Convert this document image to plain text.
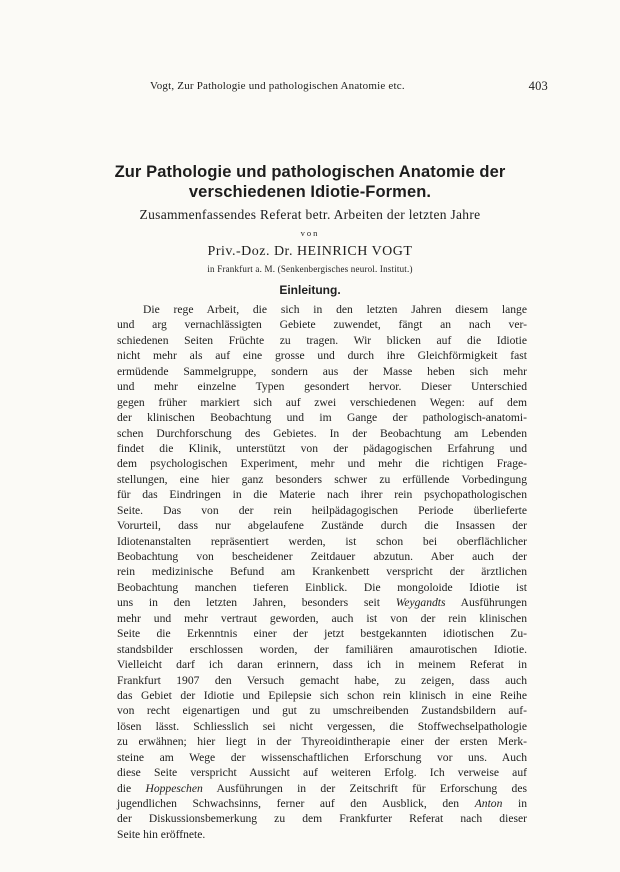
Vogt, Zur Pathologie und pathologischen Anatomie etc.	403
Zur Pathologie und pathologischen Anatomie der
verschiedenen Idiotie-Formen.
Zusammenfassendes Referat betr. Arbeiten der letzten Jahre
von
Priv.-Doz. Dr. HEINRICH VOGT
in Frankfurt a. M. (Senkenbergisches neurol. Institut.)
Einleitung.
Die rege Arbeit, die sich in den letzten Jahren diesem lange
und arg vernachlässigten Gebiete zuwendet, fängt an nach ver-
schiedenen Seiten Früchte zu tragen. Wir blicken auf die Idiotie
nicht mehr als auf eine grosse und durch ihre Gleichförmigkeit fast
ermüdende Sammelgruppe, sondern aus der Masse heben sich mehr
und mehr einzelne Typen gesondert hervor. Dieser Unterschied
gegen früher markiert sich auf zwei verschiedenen Wegen: auf dem
der klinischen Beobachtung und im Gange der pathologisch-anatomi-
schen Durchforschung des Gebietes. In der Beobachtung am Lebenden
findet die Klinik, unterstützt von der pädagogischen Erfahrung und
dem psychologischen Experiment, mehr und mehr die richtigen Frage-
stellungen, eine hier ganz besonders schwer zu erfüllende Vorbedingung
für das Eindringen in die Materie nach ihrer rein psychopathologischen
Seite. Das von der rein heilpädagogischen Periode überlieferte
Vorurteil, dass nur abgelaufene Zustände durch die Insassen der
Idiotenanstalten repräsentiert werden, ist schon bei oberflächlicher
Beobachtung von bescheidener Zeitdauer abzutun. Aber auch der
rein medizinische Befund am Krankenbett verspricht der ärztlichen
Beobachtung manchen tieferen Einblick. Die mongoloide Idiotie ist
uns in den letzten Jahren, besonders seit Weygandts Ausführungen
mehr und mehr vertraut geworden, auch ist von der rein klinischen
Seite die Erkenntnis einer der jetzt bestgekannten idiotischen Zu-
standsbilder erschlossen worden, der familiären amaurotischen Idiotie.
Vielleicht darf ich daran erinnern, dass ich in meinem Referat in
Frankfurt 1907 den Versuch gemacht habe, zu zeigen, dass auch
das Gebiet der Idiotie und Epilepsie sich schon rein klinisch in eine Reihe
von recht eigenartigen und gut zu umschreibenden Zustandsbildern auf-
lösen lässt. Schliesslich sei nicht vergessen, die Stoffwechselpathologie
zu erwähnen; hier liegt in der Thyreoidintherapie einer der ersten Merk-
steine am Wege der wissenschaftlichen Erforschung vor uns. Auch
diese Seite verspricht Aussicht auf weiteren Erfolg. Ich verweise auf
die Hoppeschen Ausführungen in der Zeitschrift für Erforschung des
jugendlichen Schwachsinns, ferner auf den Ausblick, den Anton in
der Diskussionsbemerkung zu dem Frankfurter Referat nach dieser
Seite hin eröffnete.
